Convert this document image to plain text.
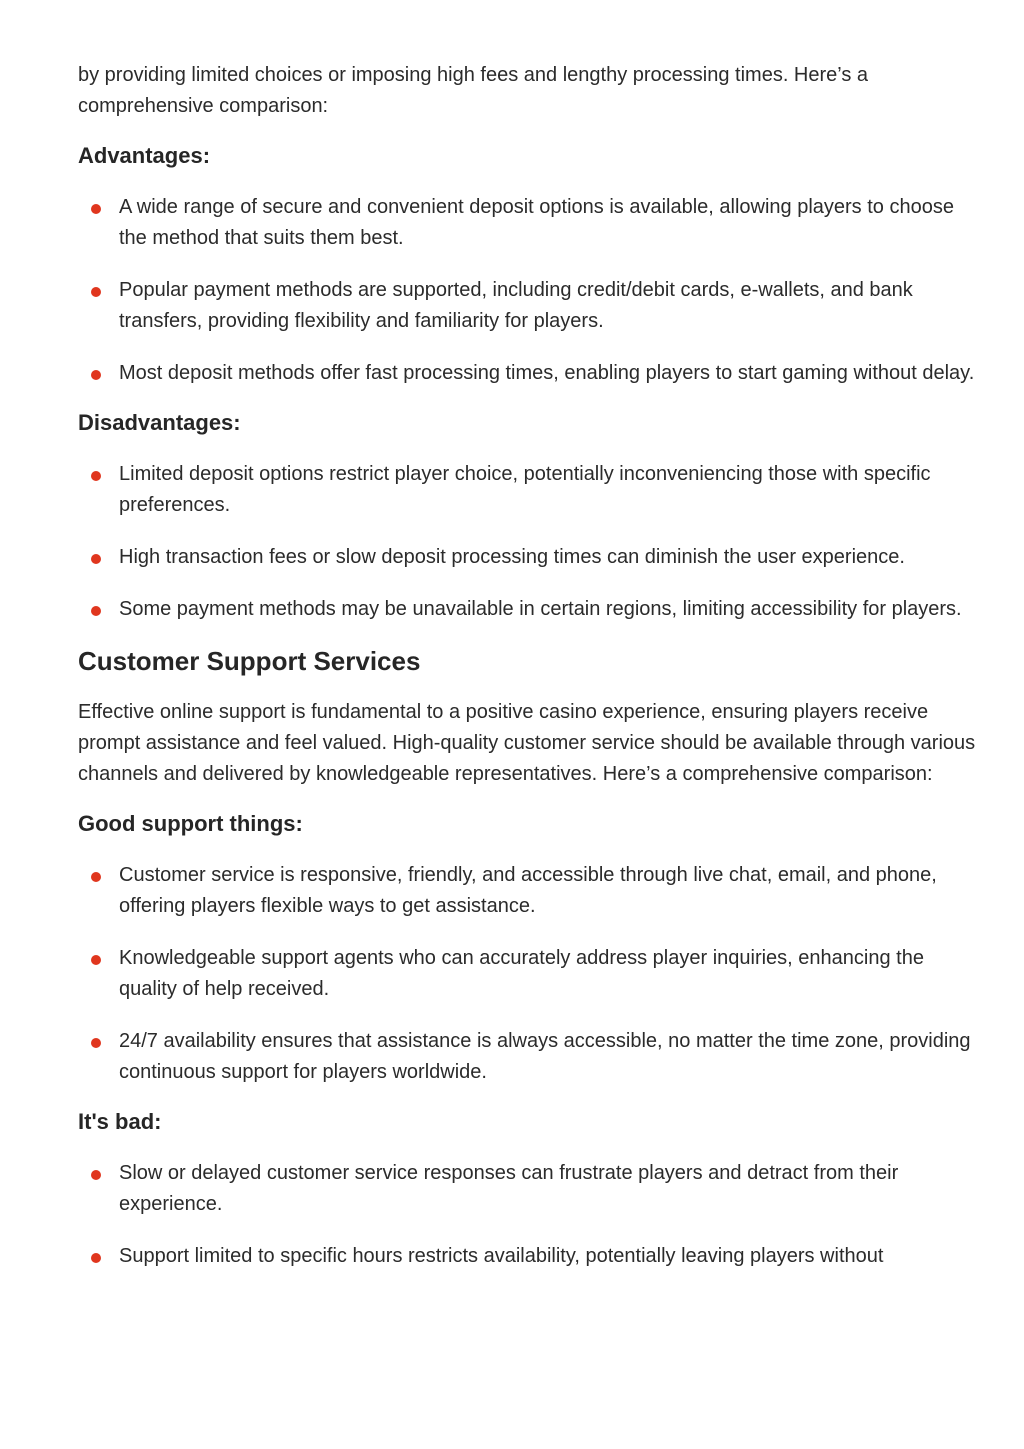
by providing limited choices or imposing high fees and lengthy processing times. Here’s a comprehensive comparison:

Advantages:
A wide range of secure and convenient deposit options is available, allowing players to choose the method that suits them best.
Popular payment methods are supported, including credit/debit cards, e-wallets, and bank transfers, providing flexibility and familiarity for players.
Most deposit methods offer fast processing times, enabling players to start gaming without delay.
Disadvantages:
Limited deposit options restrict player choice, potentially inconveniencing those with specific preferences.
High transaction fees or slow deposit processing times can diminish the user experience.
Some payment methods may be unavailable in certain regions, limiting accessibility for players.
Customer Support Services

Effective online support is fundamental to a positive casino experience, ensuring players receive prompt assistance and feel valued. High-quality customer service should be available through various channels and delivered by knowledgeable representatives. Here’s a comprehensive comparison:

Good support things:
Customer service is responsive, friendly, and accessible through live chat, email, and phone, offering players flexible ways to get assistance.
Knowledgeable support agents who can accurately address player inquiries, enhancing the quality of help received.
24/7 availability ensures that assistance is always accessible, no matter the time zone, providing continuous support for players worldwide.
It's bad:
Slow or delayed customer service responses can frustrate players and detract from their experience.
Support limited to specific hours restricts availability, potentially leaving players without
